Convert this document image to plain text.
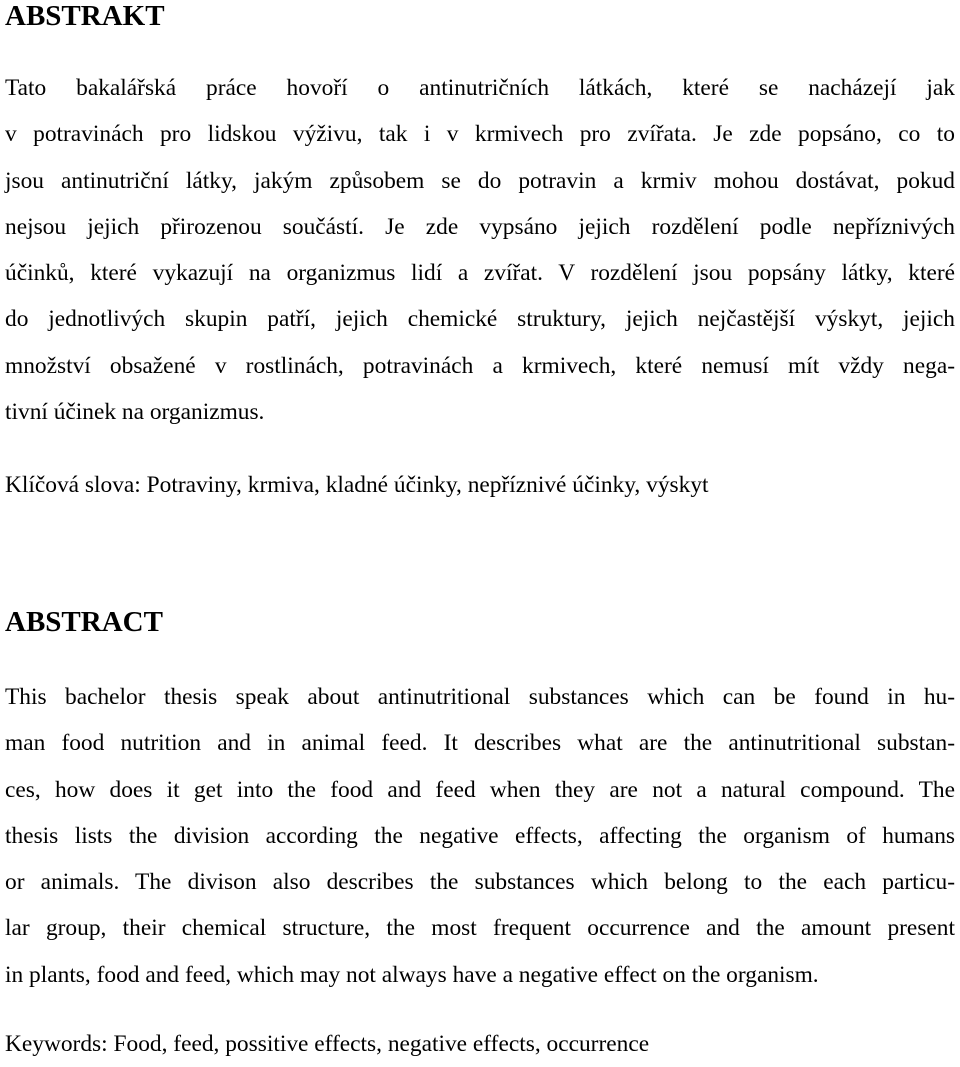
ABSTRAKT
Tato bakalářská práce hovoří o antinutričních látkách, které se nacházejí jak
v potravinách pro lidskou výživu, tak i v krmivech pro zvířata. Je zde popsáno, co to
jsou antinutriční látky, jakým způsobem se do potravin a krmiv mohou dostávat, pokud
nejsou jejich přirozenou součástí. Je zde vypsáno jejich rozdělení podle nepříznivých
účinků, které vykazují na organizmus lidí a zvířat. V rozdělení jsou popsány látky, které
do jednotlivých skupin patří, jejich chemické struktury, jejich nejčastější výskyt, jejich
množství obsažené v rostlinách, potravinách a krmivech, které nemusí mít vždy nega-
tivní účinek na organizmus.
Klíčová slova: Potraviny, krmiva, kladné účinky, nepříznivé účinky, výskyt
ABSTRACT
This bachelor thesis speak about antinutritional substances which can be found in hu-
man food nutrition and in animal feed. It describes what are the antinutritional substan-
ces, how does it get into the food and feed when they are not a natural compound. The
thesis lists the division according the negative effects, affecting the organism of humans
or animals. The divison also describes the substances which belong to the each particu-
lar group, their chemical structure, the most frequent occurrence and the amount present
in plants, food and feed, which may not always have a negative effect on the organism.
Keywords: Food, feed, possitive effects, negative effects, occurrence
